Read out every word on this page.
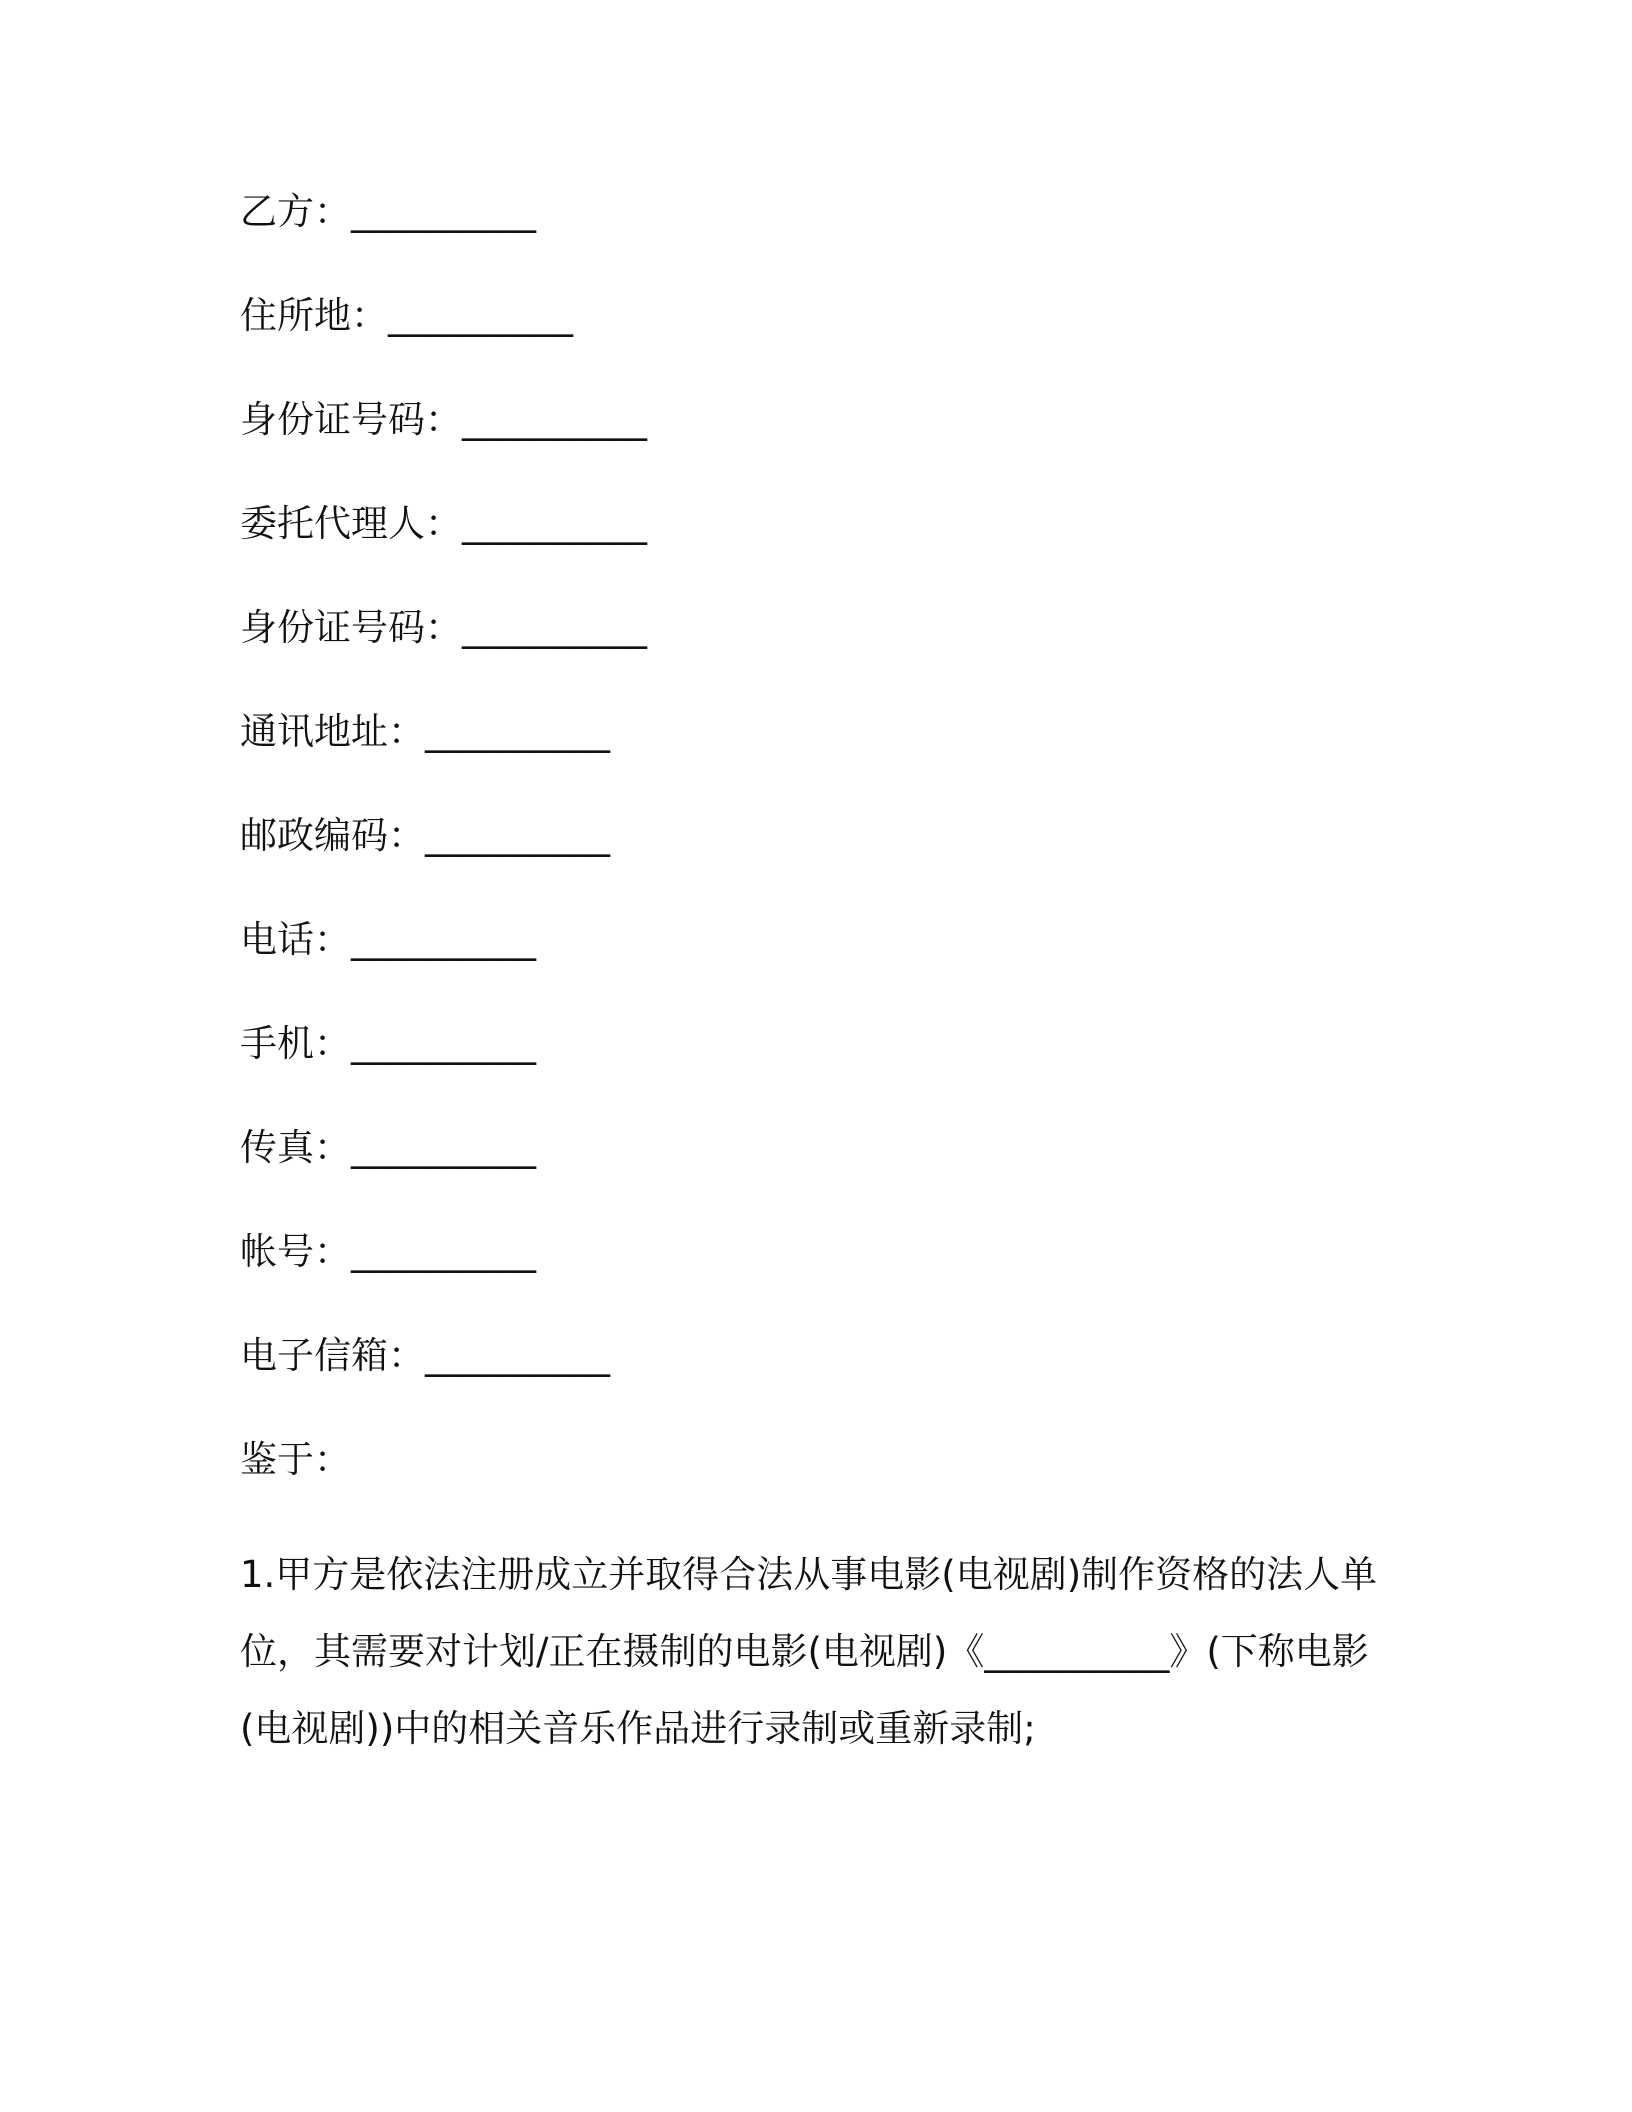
乙方：__________
住所地：__________
身份证号码：__________
委托代理人：__________
身份证号码：__________
通讯地址：__________
邮政编码：__________
电话：__________
手机：__________
传真：__________
帐号：__________
电子信箱：__________
鉴于：
1.甲方是依法注册成立并取得合法从事电影(电视剧)制作资格的法人单
位，其需要对计划/正在摄制的电影(电视剧)《__________》(下称电影
(电视剧))中的相关音乐作品进行录制或重新录制;
